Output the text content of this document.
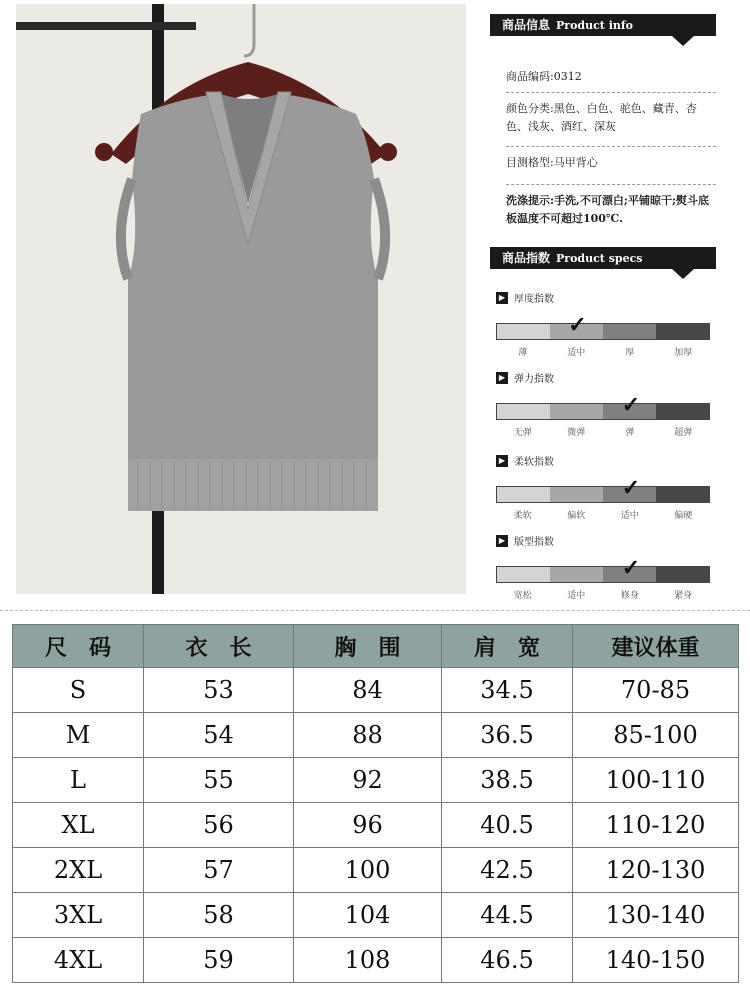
商品信息 Product info
商品编码:0312
颜色分类:黑色、白色、驼色、藏青、杏色、浅灰、酒红、深灰
目测格型:马甲背心
洗涤提示:手洗,不可漂白;平铺晾干;熨斗底板温度不可超过100℃.
商品指数 Product specs
▶ 厚度指数
✓
薄	适中	厚	加厚
▶ 弹力指数
✓
无弹	微弹	弹	超弹
▶ 柔软指数
✓
柔软	偏软	适中	偏硬
▶ 版型指数
✓
宽松	适中	修身	紧身
尺　码	衣　长	胸　围	肩　宽	建议体重
S	53	84	34.5	70-85
M	54	88	36.5	85-100
L	55	92	38.5	100-110
XL	56	96	40.5	110-120
2XL	57	100	42.5	120-130
3XL	58	104	44.5	130-140
4XL	59	108	46.5	140-150
